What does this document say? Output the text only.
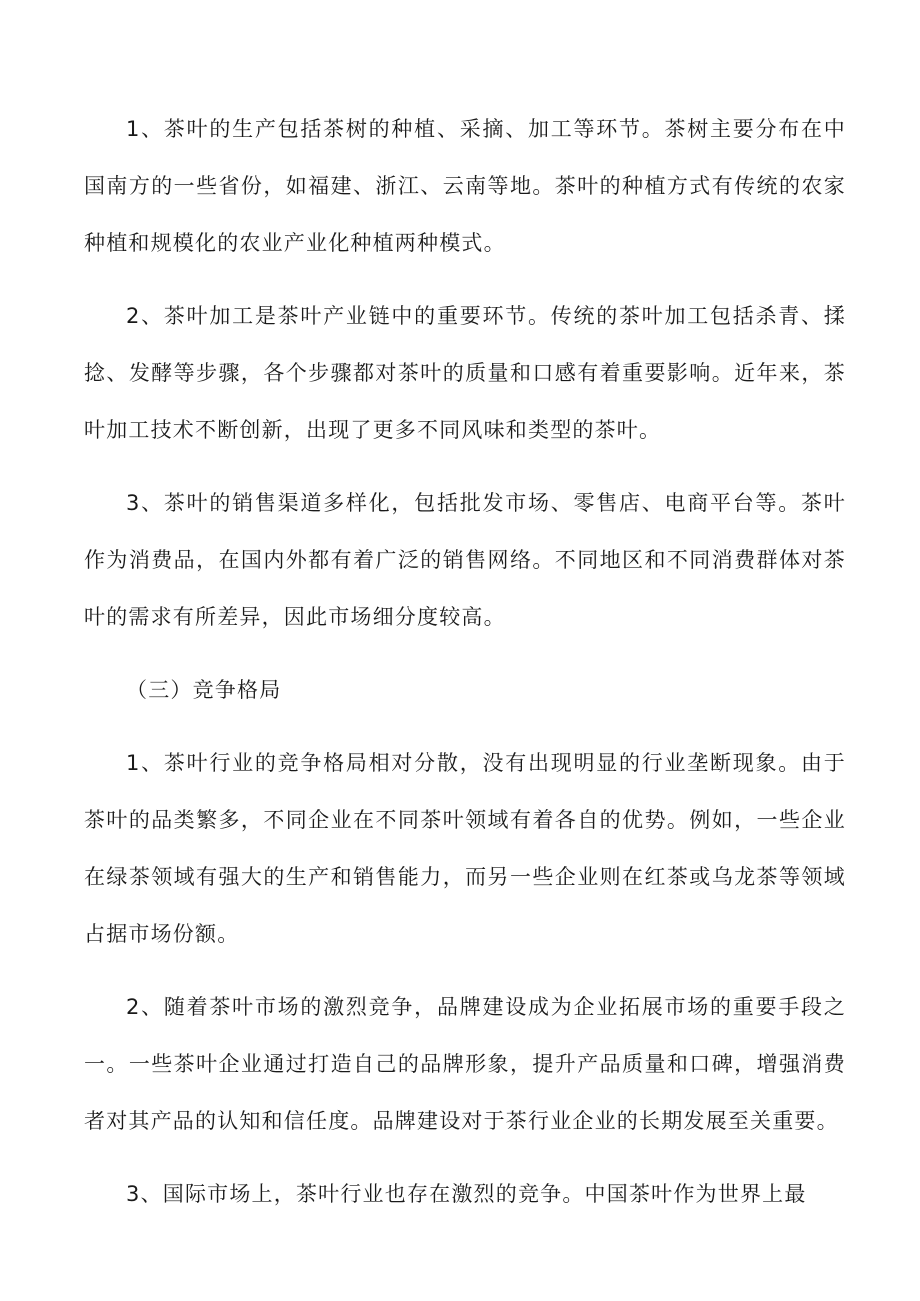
1、茶叶的生产包括茶树的种植、采摘、加工等环节。茶树主要分布在中国南方的一些省份，如福建、浙江、云南等地。茶叶的种植方式有传统的农家种植和规模化的农业产业化种植两种模式。

2、茶叶加工是茶叶产业链中的重要环节。传统的茶叶加工包括杀青、揉捻、发酵等步骤，各个步骤都对茶叶的质量和口感有着重要影响。近年来，茶叶加工技术不断创新，出现了更多不同风味和类型的茶叶。

3、茶叶的销售渠道多样化，包括批发市场、零售店、电商平台等。茶叶作为消费品，在国内外都有着广泛的销售网络。不同地区和不同消费群体对茶叶的需求有所差异，因此市场细分度较高。

（三）竞争格局

1、茶叶行业的竞争格局相对分散，没有出现明显的行业垄断现象。由于茶叶的品类繁多，不同企业在不同茶叶领域有着各自的优势。例如，一些企业在绿茶领域有强大的生产和销售能力，而另一些企业则在红茶或乌龙茶等领域占据市场份额。

2、随着茶叶市场的激烈竞争，品牌建设成为企业拓展市场的重要手段之一。一些茶叶企业通过打造自己的品牌形象，提升产品质量和口碑，增强消费者对其产品的认知和信任度。品牌建设对于茶行业企业的长期发展至关重要。

3、国际市场上，茶叶行业也存在激烈的竞争。中国茶叶作为世界上最
